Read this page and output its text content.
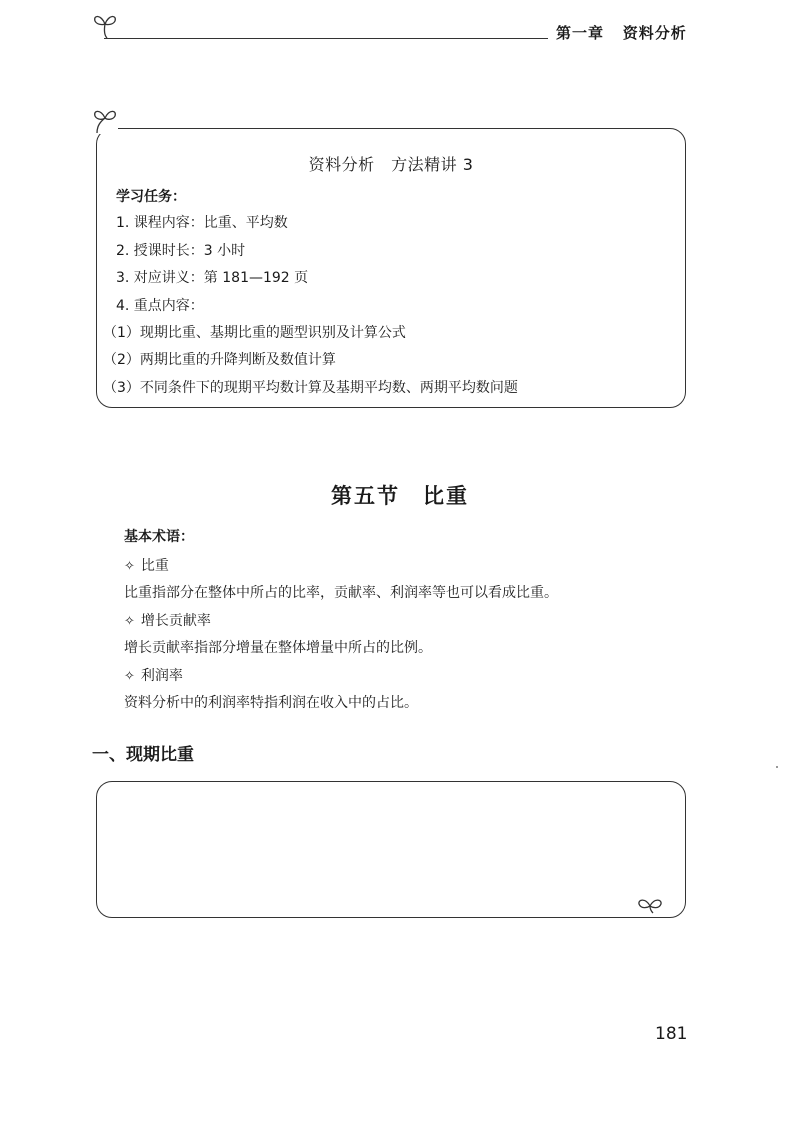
第一章 资料分析
资料分析　方法精讲 3
学习任务：
1. 课程内容：比重、平均数
2. 授课时长：3 小时
3. 对应讲义：第 181—192 页
4. 重点内容：
（1）现期比重、基期比重的题型识别及计算公式
（2）两期比重的升降判断及数值计算
（3）不同条件下的现期平均数计算及基期平均数、两期平均数问题
第五节　比重
基本术语：
✧ 比重
比重指部分在整体中所占的比率，贡献率、利润率等也可以看成比重。
✧ 增长贡献率
增长贡献率指部分增量在整体增量中所占的比例。
✧ 利润率
资料分析中的利润率特指利润在收入中的占比。
一、现期比重
181
